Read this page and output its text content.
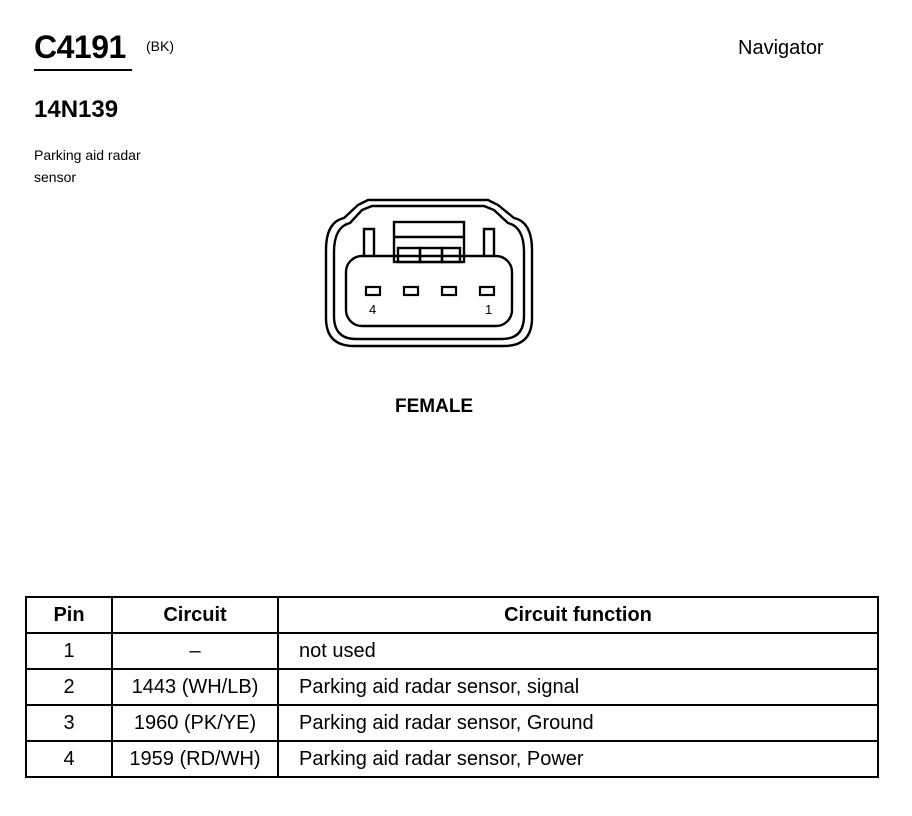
C4191 (BK)	Navigator
14N139
Parking aid radar sensor
4	1
FEMALE
Pin	Circuit	Circuit function
1	–	not used
2	1443 (WH/LB)	Parking aid radar sensor, signal
3	1960 (PK/YE)	Parking aid radar sensor, Ground
4	1959 (RD/WH)	Parking aid radar sensor, Power
